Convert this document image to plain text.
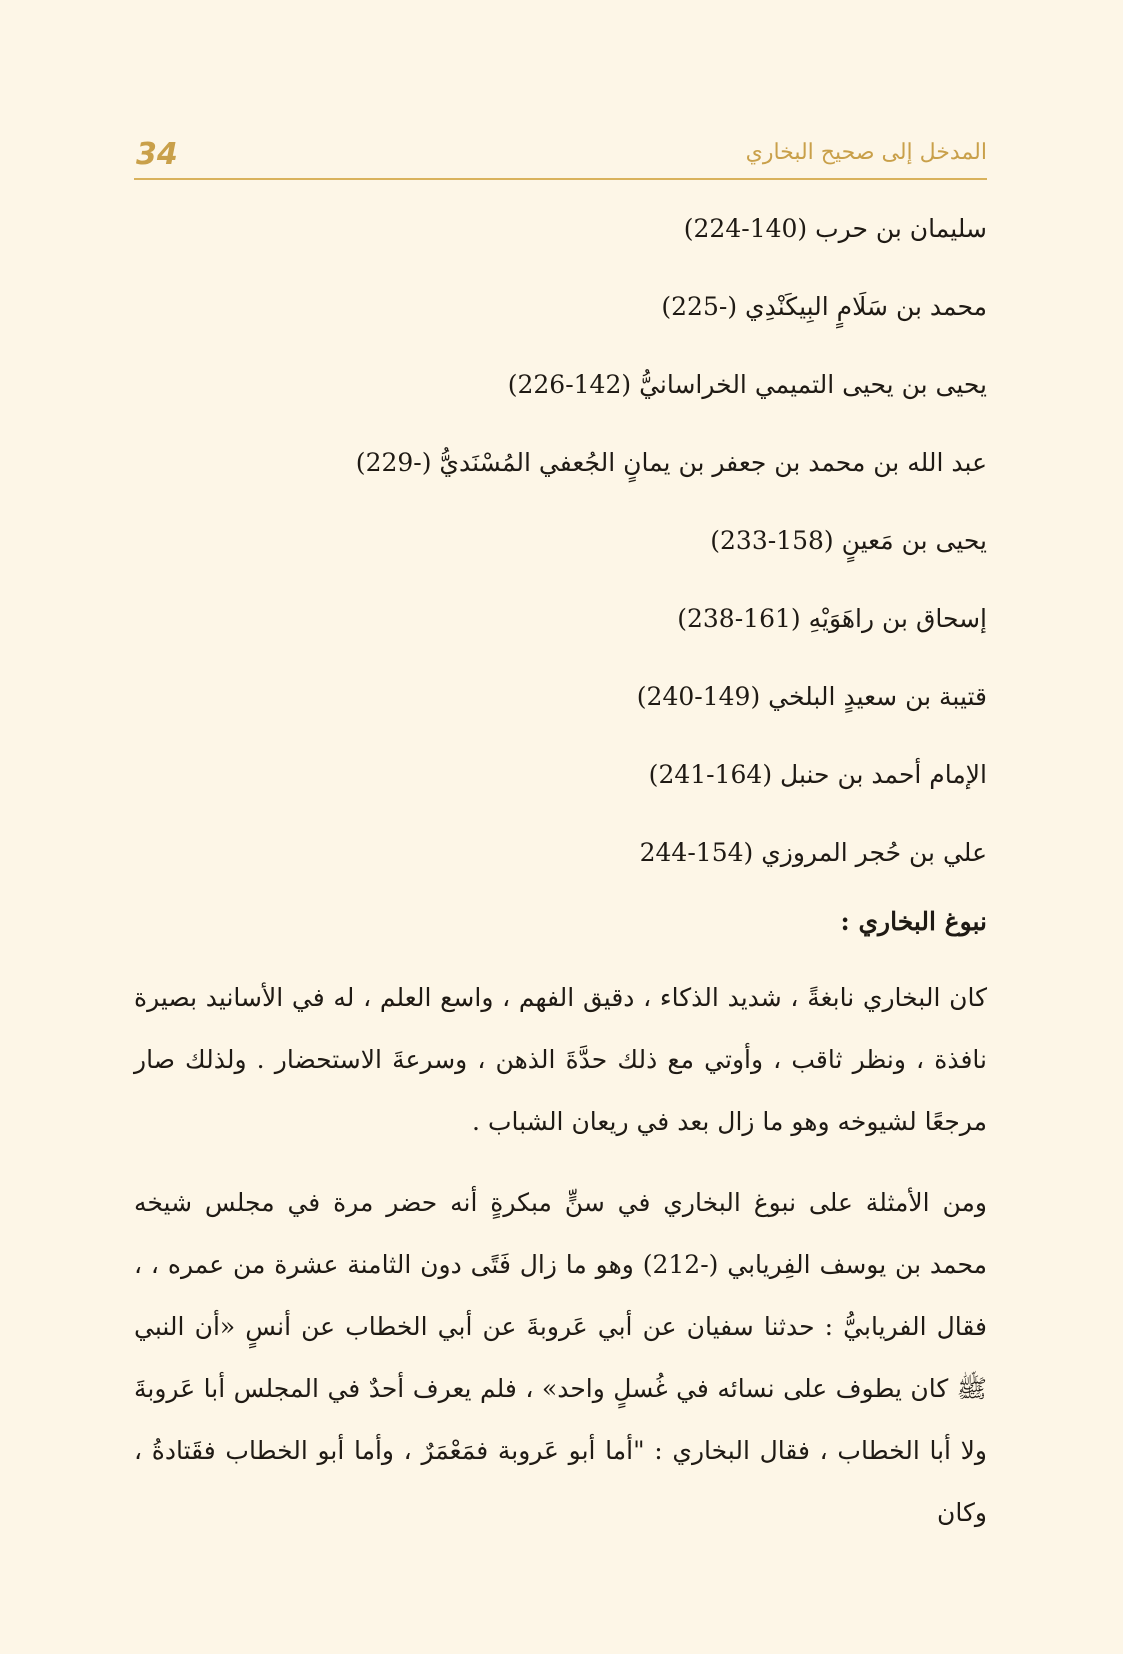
34	المدخل إلى صحيح البخاري
سليمان بن حرب (140-224)
محمد بن سَلَامٍ البِيكَنْدِي (-225)
يحيى بن يحيى التميمي الخراسانيُّ (142-226)
عبد الله بن محمد بن جعفر بن يمانٍ الجُعفي المُسْنَديُّ (-229)
يحيى بن مَعينٍ (158-233)
إسحاق بن راهَوَيْهِ (161-238)
قتيبة بن سعيدٍ البلخي (149-240)
الإمام أحمد بن حنبل (164-241)
علي بن حُجر المروزي (154-244
نبوغ البخاري :

كان البخاري نابغةً ، شديد الذكاء ، دقيق الفهم ، واسع العلم ، له في الأسانيد بصيرة نافذة ، ونظر ثاقب ، وأوتي مع ذلك حدَّةَ الذهن ، وسرعةَ الاستحضار . ولذلك صار مرجعًا لشيوخه وهو ما زال بعد في ريعان الشباب .

ومن الأمثلة على نبوغ البخاري في سنٍّ مبكرةٍ أنه حضر مرة في مجلس شيخه محمد بن يوسف الفِريابي (-212) وهو ما زال فَتًى دون الثامنة عشرة من عمره ، ، فقال الفريابيُّ : حدثنا سفيان عن أبي عَروبةَ عن أبي الخطاب عن أنسٍ «أن النبي ﷺ كان يطوف على نسائه في غُسلٍ واحد» ، فلم يعرف أحدٌ في المجلس أبا عَروبةَ ولا أبا الخطاب ، فقال البخاري : "أما أبو عَروبة فمَعْمَرٌ ، وأما أبو الخطاب فقَتادةُ ، وكان
